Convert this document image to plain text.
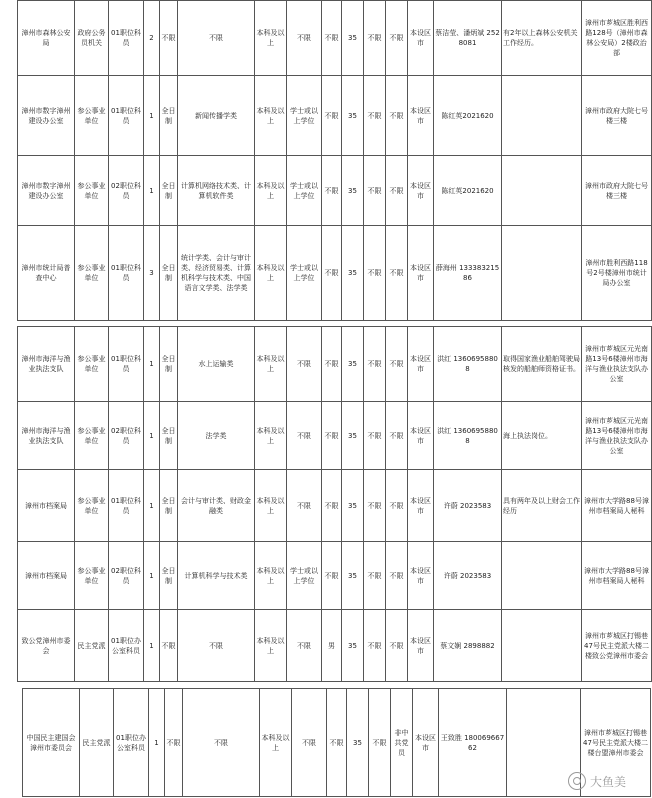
漳州市森林公安局	政府公务员机关	01职位科员	2	不限	不限	本科及以上	不限	不限	35	不限	不限	本设区市	蔡洁莹、潘炳斌 2528081	有2年以上森林公安机关工作经历。	漳州市芗城区胜利西路128号（漳州市森林公安局）2楼政治部
漳州市数字漳州建设办公室	参公事业单位	01职位科员	1	全日制	新闻传播学类	本科及以上	学士或以上学位	不限	35	不限	不限	本设区市	陈红英2021620		漳州市政府大院七号楼三楼
漳州市数字漳州建设办公室	参公事业单位	02职位科员	1	全日制	计算机网络技术类、计算机软件类	本科及以上	学士或以上学位	不限	35	不限	不限	本设区市	陈红英2021620		漳州市政府大院七号楼三楼
漳州市统计局普查中心	参公事业单位	01职位科员	3	全日制	统计学类、会计与审计类、经济贸易类、计算机科学与技术类、中国语言文学类、法学类	本科及以上	学士或以上学位	不限	35	不限	不限	本设区市	薛海州 13338321586		漳州市胜利西路118号2号楼漳州市统计局办公室
漳州市海洋与渔业执法支队	参公事业单位	01职位科员	1	全日制	水上运输类	本科及以上	不限	不限	35	不限	不限	本设区市	洪红 13606958808	取得国家渔业船舶驾驶局核发的船舶师资格证书。	漳州市芗城区元光南路13号6楼漳州市海洋与渔业执法支队办公室
漳州市海洋与渔业执法支队	参公事业单位	02职位科员	1	全日制	法学类	本科及以上	不限	不限	35	不限	不限	本设区市	洪红 13606958808	海上执法岗位。	漳州市芗城区元光南路13号6楼漳州市海洋与渔业执法支队办公室
漳州市档案局	参公事业单位	01职位科员	1	全日制	会计与审计类、财政金融类	本科及以上	不限	不限	35	不限	不限	本设区市	许蔚 2023583	具有两年及以上财会工作经历	漳州市大学路88号漳州市档案局人秘科
漳州市档案局	参公事业单位	02职位科员	1	全日制	计算机科学与技术类	本科及以上	学士或以上学位	不限	35	不限	不限	本设区市	许蔚 2023583		漳州市大学路88号漳州市档案局人秘科
致公党漳州市委会	民主党派	01职位办公室科员	1	不限	不限	本科及以上	不限	男	35	不限	不限	本设区市	蔡文娴 2898882		漳州市芗城区打锡巷47号民主党派大楼二楼致公党漳州市委会
中国民主建国会漳州市委员会	民主党派	01职位办公室科员	1	不限	不限	本科及以上	不限	不限	35	不限	非中共党员	本设区市	王致胜 18006966762		漳州市芗城区打锡巷47号民主党派大楼二楼台盟漳州市委会
大鱼美
